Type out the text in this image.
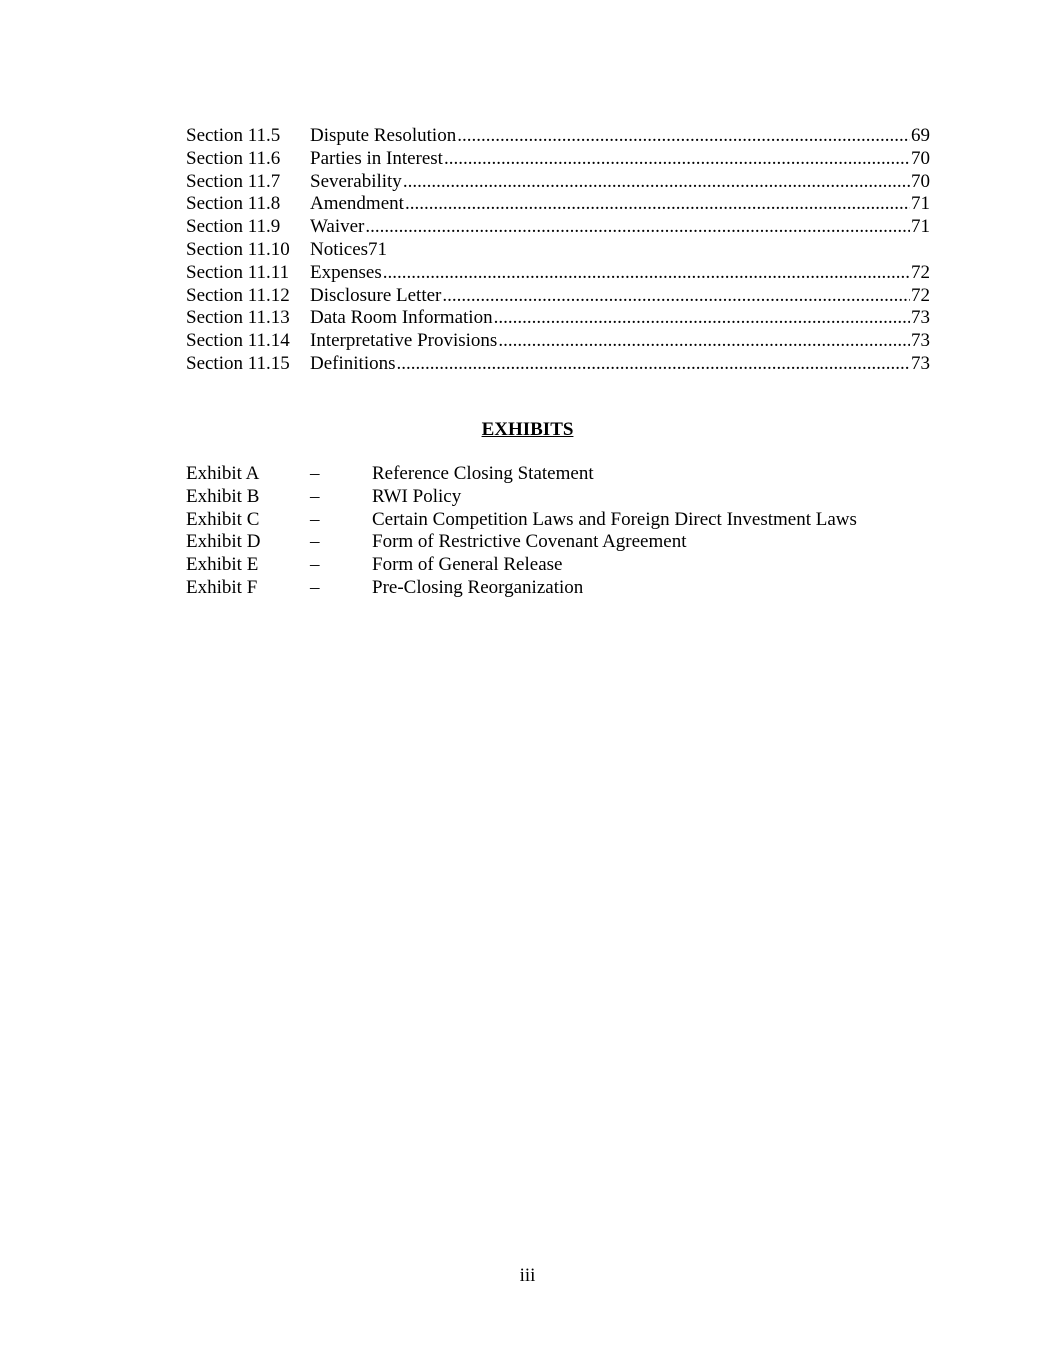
Section 11.5	Dispute Resolution .....	69
Section 11.6	Parties in Interest .....	70
Section 11.7	Severability .....	70
Section 11.8	Amendment .....	71
Section 11.9	Waiver .....	71
Section 11.10	Notices 71
Section 11.11	Expenses .....	72
Section 11.12	Disclosure Letter .....	72
Section 11.13	Data Room Information .....	73
Section 11.14	Interpretative Provisions .....	73
Section 11.15	Definitions .....	73
EXHIBITS
Exhibit A	–	Reference Closing Statement
Exhibit B	–	RWI Policy
Exhibit C	–	Certain Competition Laws and Foreign Direct Investment Laws
Exhibit D	–	Form of Restrictive Covenant Agreement
Exhibit E	–	Form of General Release
Exhibit F	–	Pre-Closing Reorganization
iii
